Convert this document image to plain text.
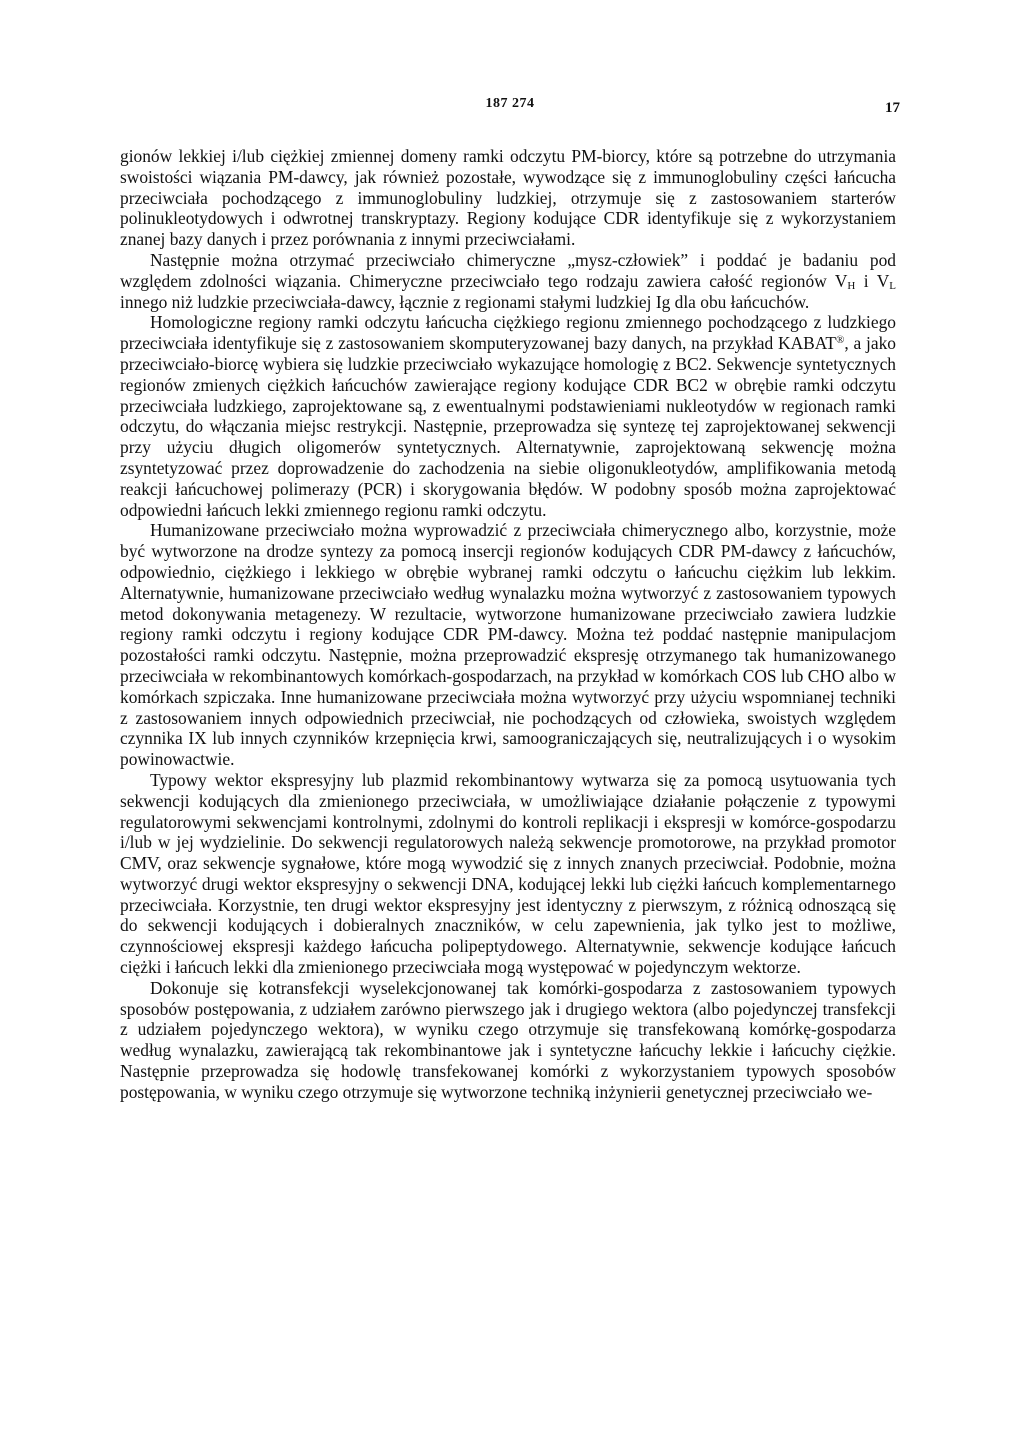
187 274	17

gionów lekkiej i/lub ciężkiej zmiennej domeny ramki odczytu PM-biorcy, które są potrzebne do utrzymania swoistości wiązania PM-dawcy, jak również pozostałe, wywodzące się z immunoglobuliny części łańcucha przeciwciała pochodzącego z immunoglobuliny ludzkiej, otrzymuje się z zastosowaniem starterów polinukleotydowych i odwrotnej transkryptazy. Regiony kodujące CDR identyfikuje się z wykorzystaniem znanej bazy danych i przez porównania z innymi przeciwciałami.

Następnie można otrzymać przeciwciało chimeryczne „mysz-człowiek” i poddać je badaniu pod względem zdolności wiązania. Chimeryczne przeciwciało tego rodzaju zawiera całość regionów $V_H$ i $V_L$ innego niż ludzkie przeciwciała-dawcy, łącznie z regionami stałymi ludzkiej Ig dla obu łańcuchów.

Homologiczne regiony ramki odczytu łańcucha ciężkiego regionu zmiennego pochodzącego z ludzkiego przeciwciała identyfikuje się z zastosowaniem skomputeryzowanej bazy danych, na przykład KABAT®, a jako przeciwciało-biorcę wybiera się ludzkie przeciwciało wykazujące homologię z BC2. Sekwencje syntetycznych regionów zmienych ciężkich łańcuchów zawierające regiony kodujące CDR BC2 w obrębie ramki odczytu przeciwciała ludzkiego, zaprojektowane są, z ewentualnymi podstawieniami nukleotydów w regionach ramki odczytu, do włączania miejsc restrykcji. Następnie, przeprowadza się syntezę tej zaprojektowanej sekwencji przy użyciu długich oligomerów syntetycznych. Alternatywnie, zaprojektowaną sekwencję można zsyntetyzować przez doprowadzenie do zachodzenia na siebie oligonukleotydów, amplifikowania metodą reakcji łańcuchowej polimerazy (PCR) i skorygowania błędów. W podobny sposób można zaprojektować odpowiedni łańcuch lekki zmiennego regionu ramki odczytu.

Humanizowane przeciwciało można wyprowadzić z przeciwciała chimerycznego albo, korzystnie, może być wytworzone na drodze syntezy za pomocą insercji regionów kodujących CDR PM-dawcy z łańcuchów, odpowiednio, ciężkiego i lekkiego w obrębie wybranej ramki odczytu o łańcuchu ciężkim lub lekkim. Alternatywnie, humanizowane przeciwciało według wynalazku można wytworzyć z zastosowaniem typowych metod dokonywania metagenezy. W rezultacie, wytworzone humanizowane przeciwciało zawiera ludzkie regiony ramki odczytu i regiony kodujące CDR PM-dawcy. Można też poddać następnie manipulacjom pozostałości ramki odczytu. Następnie, można przeprowadzić ekspresję otrzymanego tak humanizowanego przeciwciała w rekombinantowych komórkach-gospodarzach, na przykład w komórkach COS lub CHO albo w komórkach szpiczaka. Inne humanizowane przeciwciała można wytworzyć przy użyciu wspomnianej techniki z zastosowaniem innych odpowiednich przeciwciał, nie pochodzących od człowieka, swoistych względem czynnika IX lub innych czynników krzepnięcia krwi, samoograniczających się, neutralizujących i o wysokim powinowactwie.

Typowy wektor ekspresyjny lub plazmid rekombinantowy wytwarza się za pomocą usytuowania tych sekwencji kodujących dla zmienionego przeciwciała, w umożliwiające działanie połączenie z typowymi regulatorowymi sekwencjami kontrolnymi, zdolnymi do kontroli replikacji i ekspresji w komórce-gospodarzu i/lub w jej wydzielinie. Do sekwencji regulatorowych należą sekwencje promotorowe, na przykład promotor CMV, oraz sekwencje sygnałowe, które mogą wywodzić się z innych znanych przeciwciał. Podobnie, można wytworzyć drugi wektor ekspresyjny o sekwencji DNA, kodującej lekki lub ciężki łańcuch komplementarnego przeciwciała. Korzystnie, ten drugi wektor ekspresyjny jest identyczny z pierwszym, z różnicą odnoszącą się do sekwencji kodujących i dobieralnych znaczników, w celu zapewnienia, jak tylko jest to możliwe, czynnościowej ekspresji każdego łańcucha polipeptydowego. Alternatywnie, sekwencje kodujące łańcuch ciężki i łańcuch lekki dla zmienionego przeciwciała mogą występować w pojedynczym wektorze.

Dokonuje się kotransfekcji wyselekcjonowanej tak komórki-gospodarza z zastosowaniem typowych sposobów postępowania, z udziałem zarówno pierwszego jak i drugiego wektora (albo pojedynczej transfekcji z udziałem pojedynczego wektora), w wyniku czego otrzymuje się transfekowaną komórkę-gospodarza według wynalazku, zawierającą tak rekombinantowe jak i syntetyczne łańcuchy lekkie i łańcuchy ciężkie. Następnie przeprowadza się hodowlę transfekowanej komórki z wykorzystaniem typowych sposobów postępowania, w wyniku czego otrzymuje się wytworzone techniką inżynierii genetycznej przeciwciało we-
